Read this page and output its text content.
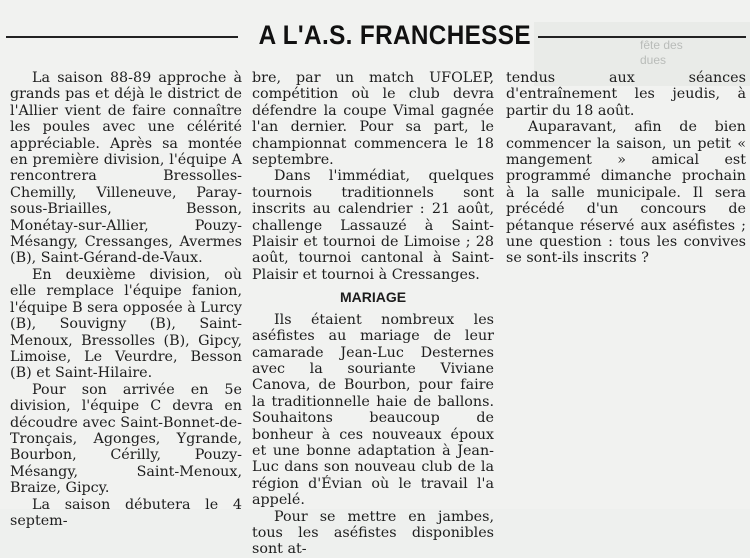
fête des
dues
A L'A.S. FRANCHESSE

La saison 88-89 approche à grands pas et déjà le district de l'Allier vient de faire connaître les poules avec une célérité appréciable. Après sa montée en première division, l'équipe A rencontrera Bressolles-Chemilly, Villeneuve, Paray-sous-Briailles, Besson, Monétay-sur-Allier, Pouzy-Mésangy, Cressanges, Avermes (B), Saint-Gérand-de-Vaux.

En deuxième division, où elle remplace l'équipe fanion, l'équipe B sera opposée à Lurcy (B), Souvigny (B), Saint-Menoux, Bressolles (B), Gipcy, Limoise, Le Veurdre, Besson (B) et Saint-Hilaire.

Pour son arrivée en 5e division, l'équipe C devra en découdre avec Saint-Bonnet-de-Tronçais, Agonges, Ygrande, Bourbon, Cérilly, Pouzy-Mésangy, Saint-Menoux, Braize, Gipcy.

La saison débutera le 4 septem-

bre, par un match UFOLEP, compétition où le club devra défendre la coupe Vimal gagnée l'an dernier. Pour sa part, le championnat commencera le 18 septembre.

Dans l'immédiat, quelques tournois traditionnels sont inscrits au calendrier : 21 août, challenge Lassauzé à Saint-Plaisir et tournoi de Limoise ; 28 août, tournoi cantonal à Saint-Plaisir et tournoi à Cressanges.

MARIAGE

Ils étaient nombreux les aséfistes au mariage de leur camarade Jean-Luc Desternes avec la souriante Viviane Canova, de Bourbon, pour faire la traditionnelle haie de ballons. Souhaitons beaucoup de bonheur à ces nouveaux époux et une bonne adaptation à Jean-Luc dans son nouveau club de la région d'Évian où le travail l'a appelé.

Pour se mettre en jambes, tous les aséfistes disponibles sont at-

tendus aux séances d'entraînement les jeudis, à partir du 18 août.

Auparavant, afin de bien commencer la saison, un petit « mangement » amical est programmé dimanche prochain à la salle municipale. Il sera précédé d'un concours de pétanque réservé aux aséfistes ; une question : tous les convives se sont-ils inscrits ?
